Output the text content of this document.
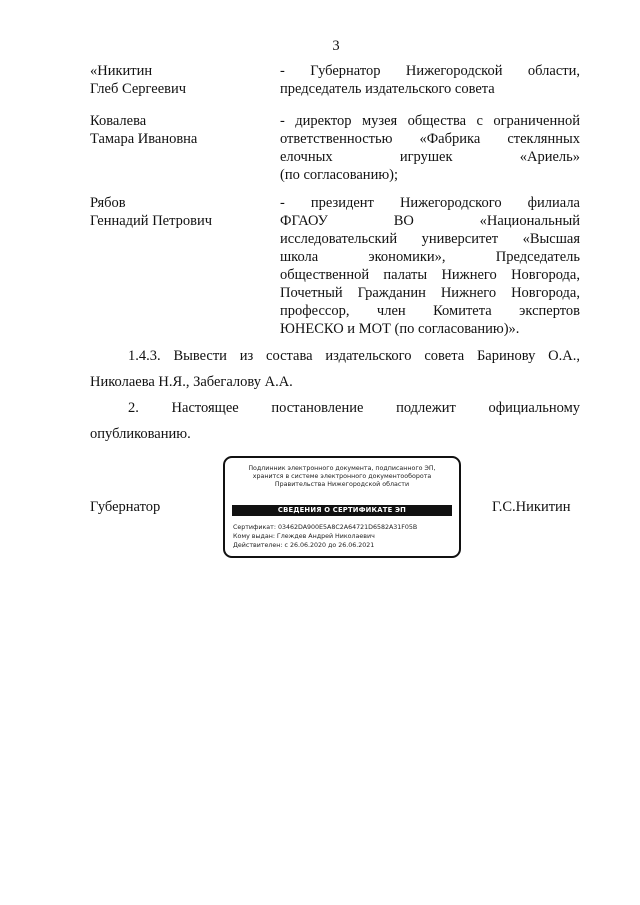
3
«Никитин
Глеб Сергеевич
- Губернатор Нижегородской области,
председатель издательского совета
Ковалева
Тамара Ивановна
- директор музея общества с ограниченной
ответственностью «Фабрика стеклянных
елочных игрушек «Ариель»
(по согласованию);
Рябов
Геннадий Петрович
- президент Нижегородского филиала
ФГАОУ ВО «Национальный
исследовательский университет «Высшая
школа экономики», Председатель
общественной палаты Нижнего Новгорода,
Почетный Гражданин Нижнего Новгорода,
профессор, член Комитета экспертов
ЮНЕСКО и МОТ (по согласованию)».
1.4.3. Вывести из состава издательского совета Баринову О.А.,
Николаева Н.Я., Забегалову А.А.
2. Настоящее постановление подлежит официальному
опубликованию.
Губернатор	Г.С.Никитин
Подлинник электронного документа, подписанного ЭП,
хранится в системе электронного документооборота
Правительства Нижегородской области
СВЕДЕНИЯ О СЕРТИФИКАТЕ ЭП
Сертификат: 03462DA900E5A8C2A64721D6582A31F05B
Кому выдан: Глеждев Андрей Николаевич
Действителен: с 26.06.2020 до 26.06.2021
